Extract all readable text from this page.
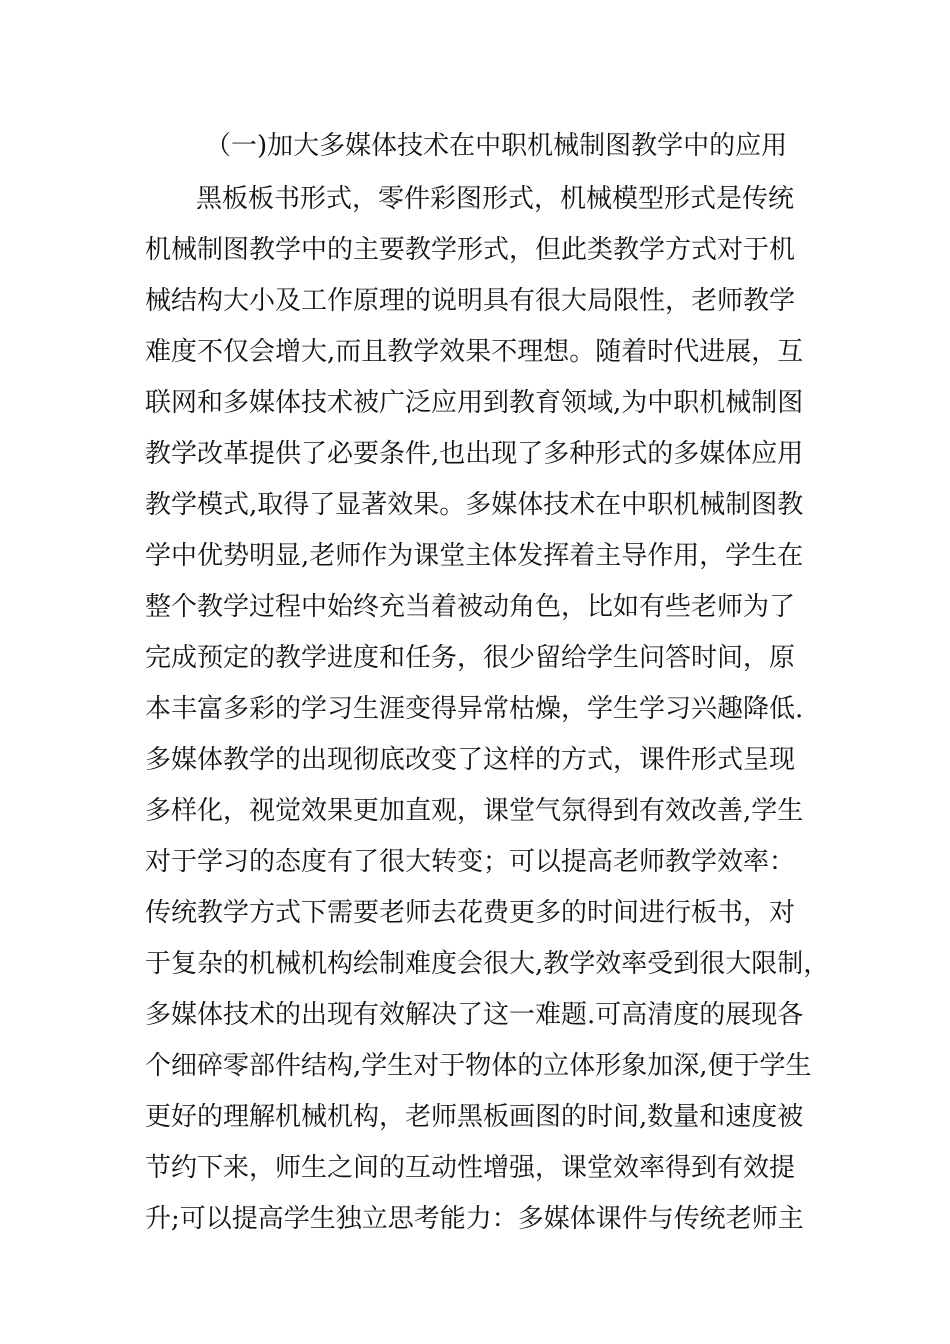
（一)加大多媒体技术在中职机械制图教学中的应用
黑板板书形式，零件彩图形式，机械模型形式是传统
机械制图教学中的主要教学形式，但此类教学方式对于机
械结构大小及工作原理的说明具有很大局限性，老师教学
难度不仅会增大,而且教学效果不理想。随着时代进展，互
联网和多媒体技术被广泛应用到教育领域,为中职机械制图
教学改革提供了必要条件,也出现了多种形式的多媒体应用
教学模式,取得了显著效果。多媒体技术在中职机械制图教
学中优势明显,老师作为课堂主体发挥着主导作用，学生在
整个教学过程中始终充当着被动角色，比如有些老师为了
完成预定的教学进度和任务，很少留给学生问答时间，原
本丰富多彩的学习生涯变得异常枯燥，学生学习兴趣降低.
多媒体教学的出现彻底改变了这样的方式，课件形式呈现
多样化，视觉效果更加直观，课堂气氛得到有效改善,学生
对于学习的态度有了很大转变；可以提高老师教学效率：
传统教学方式下需要老师去花费更多的时间进行板书，对
于复杂的机械机构绘制难度会很大,教学效率受到很大限制，
多媒体技术的出现有效解决了这一难题.可高清度的展现各
个细碎零部件结构,学生对于物体的立体形象加深,便于学生
更好的理解机械机构，老师黑板画图的时间,数量和速度被
节约下来，师生之间的互动性增强，课堂效率得到有效提
升;可以提高学生独立思考能力：多媒体课件与传统老师主
